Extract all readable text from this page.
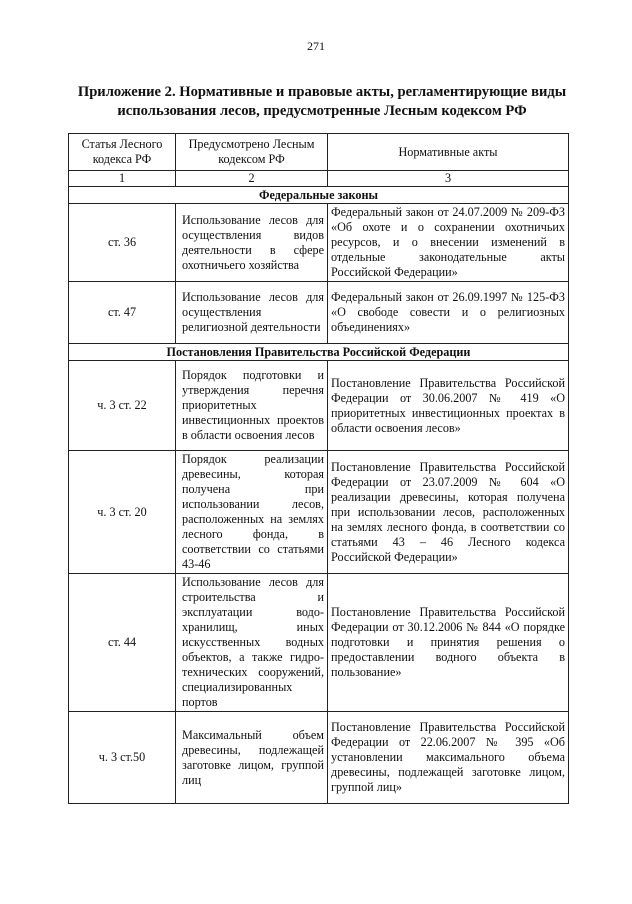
271
Приложение 2. Нормативные и правовые акты, регламентирующие виды использования лесов, предусмотренные Лесным кодексом РФ
Статья Лесного кодекса РФ	Предусмотрено Лесным кодексом РФ	Нормативные акты
1	2	3
Федеральные законы		
ст. 36	Использование лесов для осуществления видов деятельности в сфере охотничьего хозяйства	Федеральный закон от 24.07.2009 № 209-ФЗ «Об охоте и о сохранении охотничьих ресурсов, и о внесении изменений в отдельные законодательные акты Российской Федерации»
ст. 47	Использование лесов для осуществления религиозной деятельности	Федеральный закон от 26.09.1997 № 125-ФЗ «О свободе совести и о религиозных объединениях»
Постановления Правительства Российской Федерации		
ч. 3 ст. 22	Порядок подготовки и утверждения перечня приоритетных инвестиционных проектов в области освоения лесов	Постановление Правительства Российской Федерации от 30.06.2007 № 419 «О приоритетных инвестиционных проектах в области освоения лесов»
ч. 3 ст. 20	Порядок реализации древесины, которая получена при использовании лесов, расположенных на землях лесного фонда, в соответствии со статьями 43-46	Постановление Правительства Российской Федерации от 23.07.2009 № 604 «О реализации древесины, которая получена при использовании лесов, расположенных на землях лесного фонда, в соответствии со статьями 43 – 46 Лесного кодекса Российской Федерации»
ст. 44	Использование лесов для строительства и эксплуатации водо-хранилищ, иных искусственных водных объектов, а также гидро-технических сооружений, специализированных портов	Постановление Правительства Российской Федерации от 30.12.2006 № 844 «О порядке подготовки и принятия решения о предоставлении водного объекта в пользование»
ч. 3 ст.50	Максимальный объем древесины, подлежащей заготовке лицом, группой лиц	Постановление Правительства Российской Федерации от 22.06.2007 № 395 «Об установлении максимального объема древесины, подлежащей заготовке лицом, группой лиц»
